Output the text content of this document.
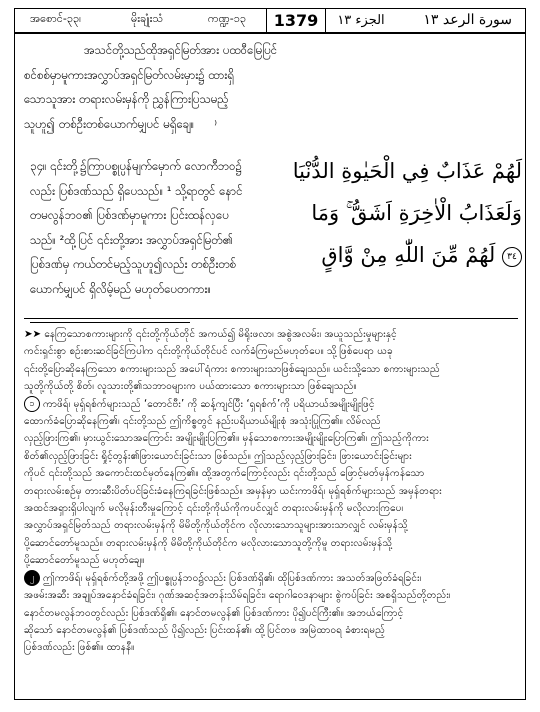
အစောင်-၃၃၊	မိုးချုံးသံ	ကဏ္ဍ-၁၃	1379	الجزء ١٣	سورة الرعد ١٣

အသင်တို့သည်ထိုအရှင်မြတ်အား ပထဝီမြေပြင်

စင်စစ်မှာမူကားအလွှာပ်အရှင်မြတ်လမ်းမှား၌ ထားရှိ

သောသူအား တရားလမ်းမှန်ကို ညွှန်ကြားပြသမည့်

သူဟူ၍ တစ်ဦးတစ်ယောက်မျှပင် မရှိချေ။ ⁾

၃၄။ ၎င်းတို့၌ကြာပစ္စုပ္ပန်မျက်မှောက် လောကီဘဝ၌
လည်း ပြစ်ဒဏ်သည် ရှိပေသည်။ ¹ သို့ရာတွင် နောင်
တမလွန်ဘဝ၏ ပြစ်ဒဏ်မှာမူကား ပြင်းထန်လှပေ
သည်။ ²ထို့ပြင် ၎င်းတို့အား အလွှာပ်အရှင်မြတ်၏
ပြစ်ဒဏ်မှ ကယ်တင်မည့်သူဟူ၍လည်း တစ်ဦးတစ်
ယောက်မျှပင် ရှိလိမ့်မည် မဟုတ်ပေတကား။
لَهُمْ عَذَابٌ فِي الْحَيٰوةِ الدُّنْيَا
وَلَعَذَابُ الْاٰخِرَةِ اَشَقُّ ۚ وَمَا
٣٤ لَهُمْ مِّنَ اللّٰهِ مِنْ وَّاقٍ

➤➤ နေကြသောစကားများကို ၎င်းတို့ကိုယ်တိုင် အကယ်၍ မိရိုးဖလာ၊ အစွဲအလမ်း၊ အယူသည်းမှုများနှင့်

ကင်းရှင်းစွာ စဉ်းစားဆင်ခြင်ကြပါက ၎င်းတို့ကိုယ်တိုင်ပင် လက်ခံကြမည်မဟုတ်ပေ။ သို့ဖြစ်ပေရာ ယခု

၎င်းတို့ပြောဆိုနေကြသော စကားများသည် အပေါ်ရံကား စကားများသာဖြစ်ချေသည်။ ယင်းသို့သော စကားများသည်

သူတို့ကိုယ်တို့ စိတ်၊ လူသားတို့၏သဘာဝများက ပယ်ထားသော စကားများသာ ဖြစ်ချေသည်။

၁ ကာဖိရ်၊ မုရှ်ရစ်က်များသည် ‘တောင်ဗီး’ ကို ဆန့်ကျင်ပြီး ‘ရှရစ်က်’ကို ပရိယာယ်အမျိုးမျိုးဖြင့်

ထောက်ခံပြောဆိုနေကြ၏၊ ၎င်းတို့သည် ဤကိစ္စတွင် နည်းပရိယာယ်မျိုးစုံ အသုံးပြုကြ၏။ လိမ်လည်

လှည့်ဖြားကြ၏၊ မှားယွင်းသောအကြောင်း အမျိုးမျိုးပြကြ၏။ မှန်သောစကားအမျိုးမျိုးပြောကြ၏၊ ဤသည့်ကိုကား

စိတ်၏လှည့်ဖြားခြင်း ရှိုင့်တွန်း၏ဖြားယောင်းခြင်းသာ ဖြစ်သည်။ ဤသည့်လှည့်ဖြားခြင်း၊ ဖြားယောင်းခြင်းများ

ကိုပင် ၎င်းတို့သည် အကောင်းထင်မှတ်နေကြ၏။ ထို့အတွက်ကြောင့်လည်း ၎င်းတို့သည် ဖြောင့်မတ်မှန်ကန်သော

တရားလမ်းစဉ်မှ တားဆီးပိတ်ပင်ခြင်းခံနေကြရခြင်းဖြစ်သည်။ အမှန်မှာ ယင်းကာဖိရ်၊ မုရှ်ရစ်က်များသည် အမှန်တရား

အထင်အရှားရှိပါလျက် မလိုမုန်းတီးမှုကြောင့် ၎င်းတို့ကိုယ်ကိုကပင်လျှင် တရားလမ်းမှန်ကို မလိုလားကြပေ၊

အလွှာပ်အရှင်မြတ်သည် တရားလမ်းမှန်ကို မိမိတို့ကိုယ်တိုင်က လိုလားသောသူများအားသာလျှင် လမ်းမှန်သို့

ပို့ဆောင်တော်မူသည်။ တရားလမ်းမှန်ကို မိမိတို့ကိုယ်တိုင်က မလိုလားသောသူတို့ကိုမူ တရားလမ်းမှန်သို့

ပို့ဆောင်တော်မူသည် မဟုတ်ချေ။

၂ ဤကာဖိရ်၊ မုရှ်ရစ်က်တို့အဖို့ ဤပစ္စုပ္ပန်ဘဝ၌လည်း ပြစ်ဒဏ်ရှိ၏၊ ထိုပြစ်ဒဏ်ကား အသတ်အဖြတ်ခံရခြင်း၊

အဖမ်းအဆီး အချုပ်အနှောင်ခံရခြင်း၊ ဂုဏ်အဆင့်အတန်းသိမ်ရခြင်း၊ ရောဂါဝေဒနာများ စွဲကပ်ခြင်း အစရှိသည်တို့တည်း၊

နောင်တမလွန်ဘဝတွင်လည်း ပြစ်ဒဏ်ရှိ၏၊ နောင်တမလွန်၏ ပြစ်ဒဏ်ကား ပို၍ပင်ကြီး၏။ အဘယ်ကြောင့်

ဆိုသော် နောင်တမလွန်၏ ပြစ်ဒဏ်သည် ပို၍လည်း ပြင်းထန်၏၊ ထို့ပြင်တဖ အမြဲထာဝရ ခံစားရမည့်

ပြစ်ဒဏ်လည်း ဖြစ်၏။ ထာနနီ။
